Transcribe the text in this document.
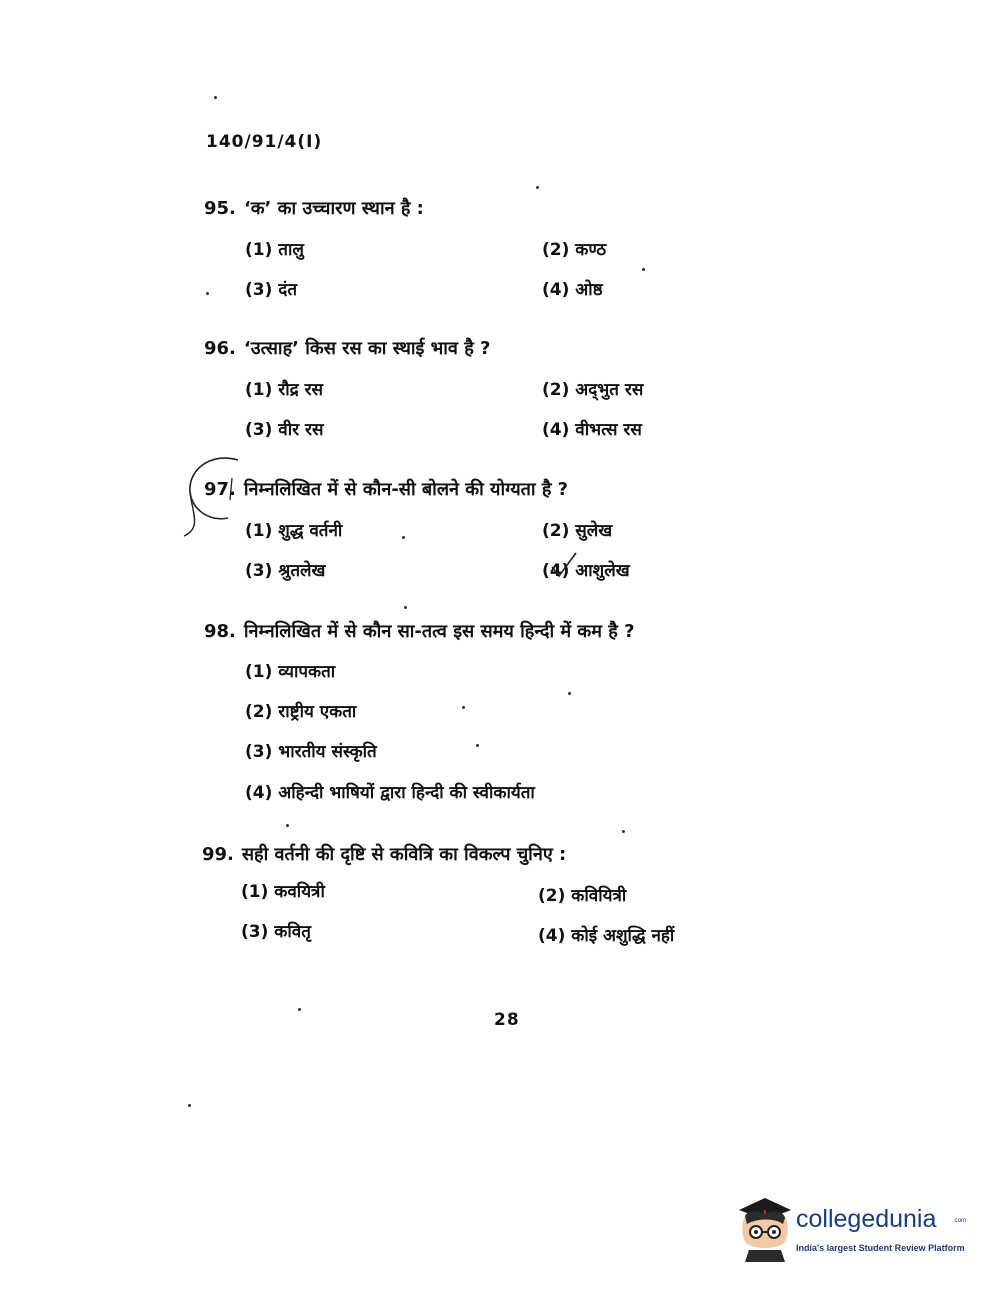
140/91/4(I)
95. ‘क’ का उच्चारण स्थान है :
(1) तालु	(2) कण्ठ
(3) दंत	(4) ओष्ठ
96. ‘उत्साह’ किस रस का स्थाई भाव है ?
(1) रौद्र रस	(2) अद्‌भुत रस
(3) वीर रस	(4) वीभत्स रस
97. निम्नलिखित में से कौन-सी बोलने की योग्यता है ?
(1) शुद्ध वर्तनी	(2) सुलेख
(3) श्रुतलेख	(4) आशुलेख
98. निम्नलिखित में से कौन सा-तत्व इस समय हिन्दी में कम है ?
(1) व्यापकता
(2) राष्ट्रीय एकता
(3) भारतीय संस्कृति
(4) अहिन्दी भाषियों द्वारा हिन्दी की स्वीकार्यता
99. सही वर्तनी की दृष्टि से कवित्रि का विकल्प चुनिए :
(1) कवयित्री	(2) कवियित्री
(3) कवितृ	(4) कोई अशुद्धि नहीं
28
collegedunia	.com
India's largest Student Review Platform
